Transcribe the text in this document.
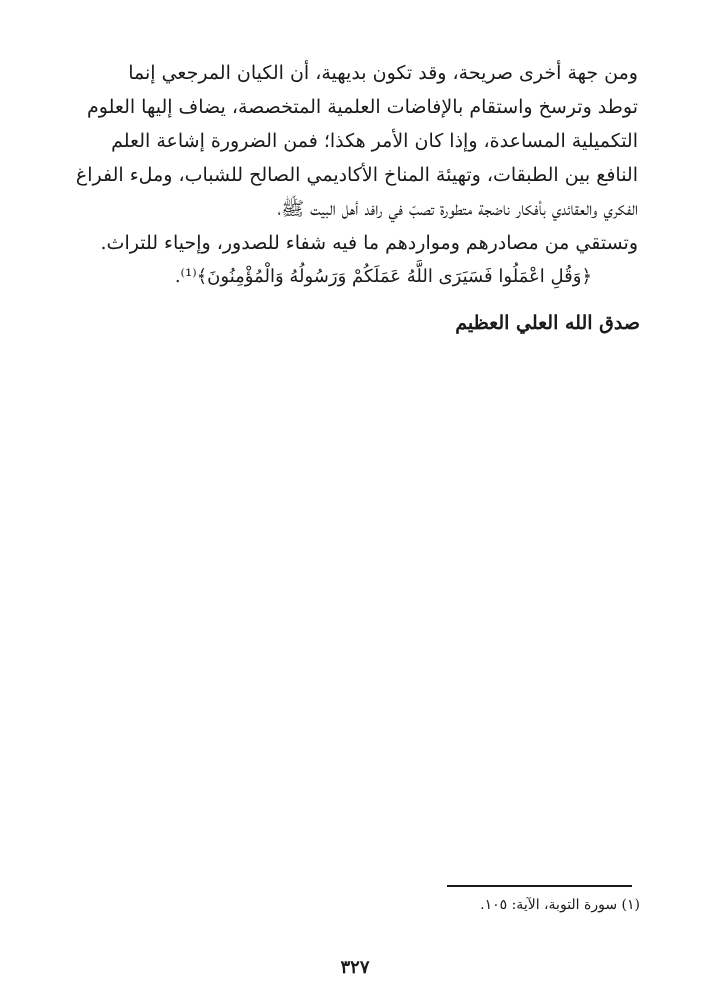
ومن جهة أخرى صريحة، وقد تكون بديهية، أن الكيان المرجعي إنما
توطد وترسخ واستقام بالإفاضات العلمية المتخصصة، يضاف إليها العلوم
التكميلية المساعدة، وإذا كان الأمر هكذا؛ فمن الضرورة إشاعة العلم
النافع بين الطبقات، وتهيئة المناخ الأكاديمي الصالح للشباب، وملء الفراغ
الفكري والعقائدي بأفكار ناضجة متطورة تصبّ في رافد أهل البيت ﷺ،
وتستقي من مصادرهم ومواردهم ما فيه شفاء للصدور، وإحياء للتراث.
﴿وَقُلِ اعْمَلُوا فَسَيَرَى اللَّهُ عَمَلَكُمْ وَرَسُولُهُ وَالْمُؤْمِنُونَ﴾⁽¹⁾.
صدق الله العلي العظيم
(١) سورة التوبة، الآية: ١٠٥.
٣٢٧
